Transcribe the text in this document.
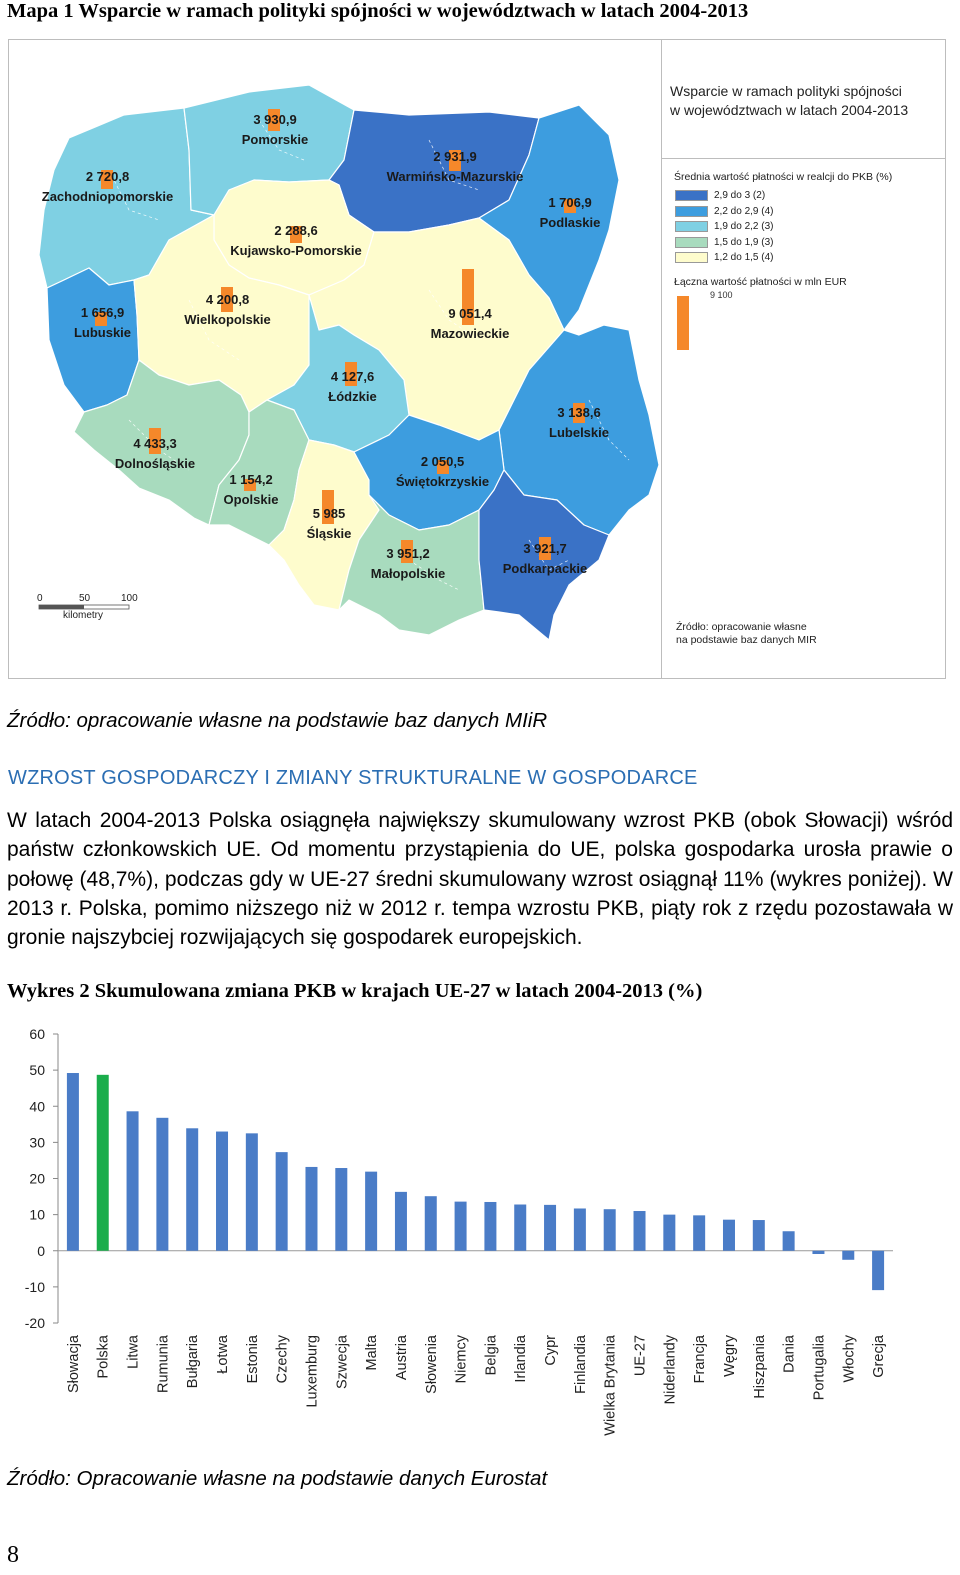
Mapa 1 Wsparcie w ramach polityki spójności w województwach w latach 2004-2013
3 930,9
Pomorskie
2 720,8
Zachodniopomorskie
2 931,9
Warmińsko-Mazurskie
1 706,9
Podlaskie
2 288,6
Kujawsko-Pomorskie
1 656,9
Lubuskie
4 200,8
Wielkopolskie	9 051,4
Mazowieckie
4 127,6
Łódzkie
3 138,6
Lubelskie
4 433,3
Dolnośląskie	2 050,5
Świętokrzyskie
1 154,2
Opolskie
5 985
Śląskie
3 951,2
Małopolskie
3 921,7
Podkarpackie
0	50	100
kilometry
Wsparcie w ramach polityki spójności
w województwach w latach 2004-2013
Średnia wartość płatności w realcji do PKB (%)
2,9 do 3 (2)
2,2 do 2,9 (4)
1,9 do 2,2 (3)
1,5 do 1,9 (3)
1,2 do 1,5 (4)
Łączna wartość płatności w mln EUR
9 100
Źródło: opracowanie własne
na podstawie baz danych MIR
Źródło: opracowanie własne na podstawie baz danych MIiR
WZROST GOSPODARCZY I ZMIANY STRUKTURALNE W GOSPODARCE
W latach 2004-2013 Polska osiągnęła największy skumulowany wzrost PKB (obok Słowacji) wśród państw członkowskich UE. Od momentu przystąpienia do UE, polska gospodarka urosła prawie o połowę (48,7%), podczas gdy w UE-27 średni skumulowany wzrost osiągnął 11% (wykres poniżej). W 2013 r. Polska, pomimo niższego niż w 2012 r. tempa wzrostu PKB, piąty rok z rzędu pozostawała w gronie najszybciej rozwijających się gospodarek europejskich.
Wykres 2 Skumulowana zmiana PKB w krajach UE-27 w latach 2004-2013 (%)
-20
-10
0
10
20
30
40
50
60
Słowacja Polska Litwa Rumunia Bułgaria Łotwa Estonia Czechy Luxemburg Szwecja Malta Austria Słowenia Niemcy Belgia Irlandia Cypr Finlandia Wielka Brytania UE-27 Niderlandy Francja Węgry Hiszpania Dania Portugalia Włochy Grecja
Źródło: Opracowanie własne na podstawie danych Eurostat
8
